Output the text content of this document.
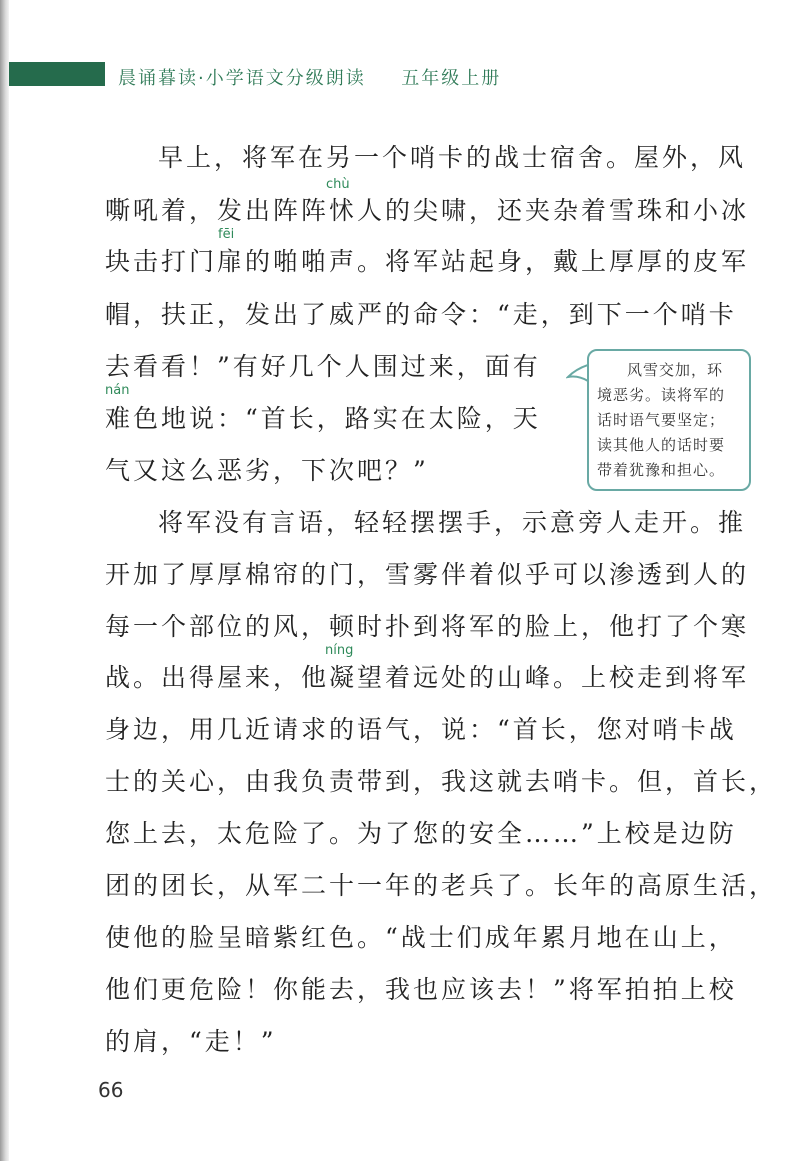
晨诵暮读·小学语文分级朗读 五年级上册
chù
fēi
nán
níng
早上，将军在另一个哨卡的战士宿舍。屋外，风
嘶吼着，发出阵阵怵人的尖啸，还夹杂着雪珠和小冰
块击打门扉的啪啪声。将军站起身，戴上厚厚的皮军
帽，扶正，发出了威严的命令：“走，到下一个哨卡
去看看！”有好几个人围过来，面有
难色地说：“首长，路实在太险，天
气又这么恶劣，下次吧？”
将军没有言语，轻轻摆摆手，示意旁人走开。推
开加了厚厚棉帘的门，雪雾伴着似乎可以渗透到人的
每一个部位的风，顿时扑到将军的脸上，他打了个寒
战。出得屋来，他凝望着远处的山峰。上校走到将军
身边，用几近请求的语气，说：“首长，您对哨卡战
士的关心，由我负责带到，我这就去哨卡。但，首长，
您上去，太危险了。为了您的安全……”上校是边防
团的团长，从军二十一年的老兵了。长年的高原生活，
使他的脸呈暗紫红色。“战士们成年累月地在山上，
他们更危险！你能去，我也应该去！”将军拍拍上校
的肩，“走！”
风雪交加，环
境恶劣。读将军的
话时语气要坚定；
读其他人的话时要
带着犹豫和担心。
66
